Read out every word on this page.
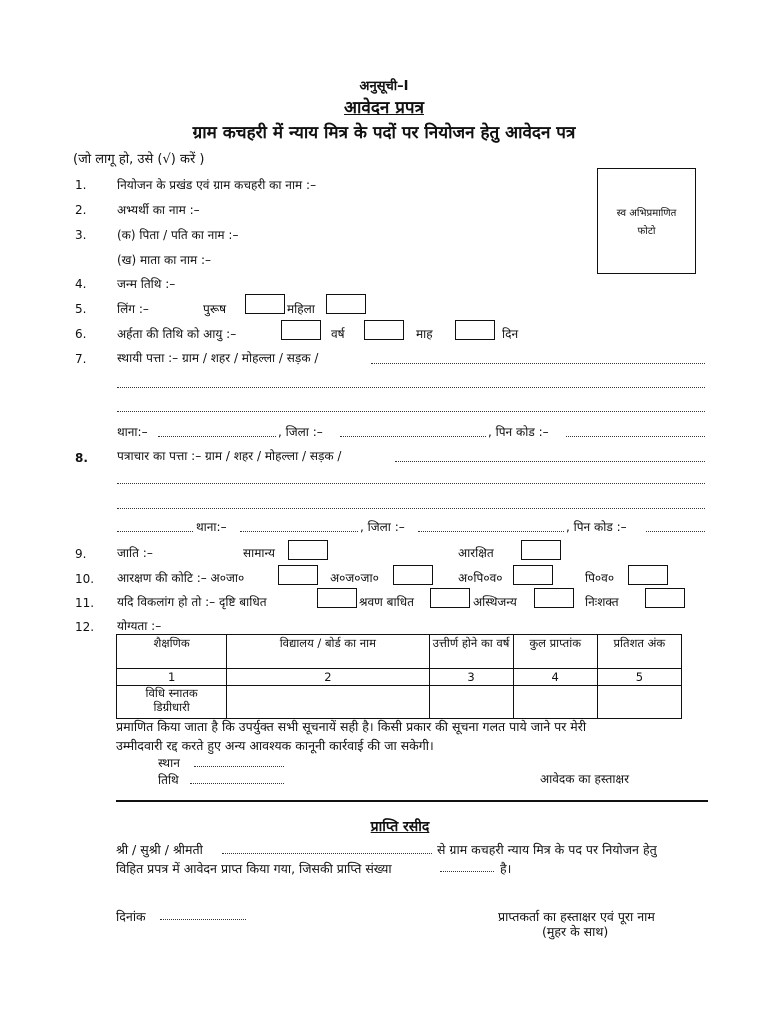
अनुसूची–I
आवेदन प्रपत्र
ग्राम कचहरी में न्याय मित्र के पदों पर नियोजन हेतु आवेदन पत्र
(जो लागू हो, उसे (√) करें )
स्व अभिप्रमाणित
फोटो
1.	नियोजन के प्रखंड एवं ग्राम कचहरी का नाम :–
2.	अभ्यर्थी का नाम :–
3.	(क) पिता / पति का नाम :–
(ख) माता का नाम :–
4.	जन्म तिथि :–
5.	लिंग :–	पुरूष	महिला
6.	अर्हता की तिथि को आयु :–	वर्ष	माह	दिन
7.	स्थायी पत्ता :– ग्राम / शहर / मोहल्ला / सड़क /
थाना:–	, जिला :–	, पिन कोड :–
8. पत्राचार का पत्ता :– ग्राम / शहर / मोहल्ला / सड़क /
थाना:–	, जिला :–	, पिन कोड :–
9.	जाति :–	सामान्य	आरक्षित
10. आरक्षण की कोटि :– अ०जा०	अ०ज०जा०	अ०पि०व०	पि०व०
11. यदि विकलांग हो तो :– दृष्टि बाधित	श्रवण बाधित	अस्थिजन्य	निःशक्त
12. योग्यता :–
शैक्षणिक	विद्यालय / बोर्ड का नाम	उत्तीर्ण होने का वर्ष	कुल प्राप्तांक	प्रतिशत अंक
1	2	3	4	5
विधि स्नातक डिग्रीधारी				
प्रमाणित किया जाता है कि उपर्युक्त सभी सूचनायें सही है। किसी प्रकार की सूचना गलत पाये जाने पर मेरी
उम्मीदवारी रद्द करते हुए अन्य आवश्यक कानूनी कार्रवाई की जा सकेगी।
स्थान
तिथि	आवेदक का हस्ताक्षर
प्राप्ति रसीद
श्री / सुश्री / श्रीमती	से ग्राम कचहरी न्याय मित्र के पद पर नियोजन हेतु
विहित प्रपत्र में आवेदन प्राप्त किया गया, जिसकी प्राप्ति संख्या	है।
दिनांक	प्राप्तकर्ता का हस्ताक्षर एवं पूरा नाम
(मुहर के साथ)
